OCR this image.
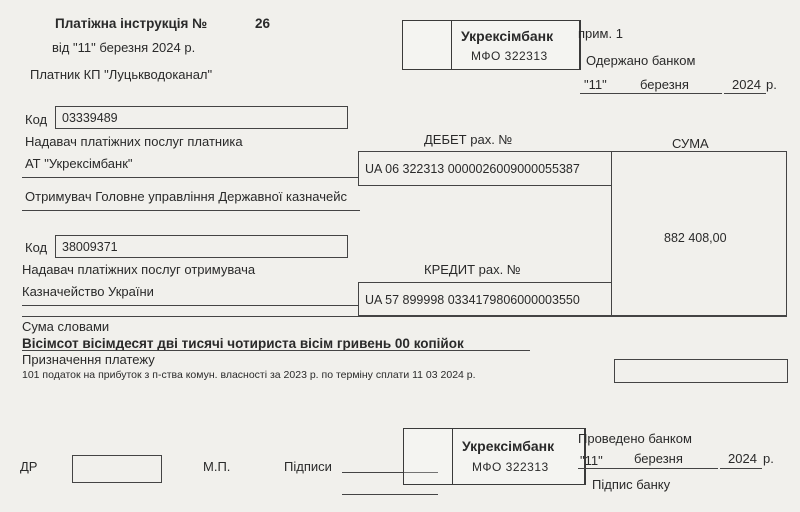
Платіжна інструкція №	26
від "11" березня 2024 р.
Платник КП "Луцькводоканал"
Укрексімбанк
МФО 322313
прим. 1
Одержано банком
"11"	березня	2024 р.
Код 03339489
Надавач платіжних послуг платника
АТ "Укрексімбанк"
ДЕБЕТ рах. №
UA 06 322313 0000026009000055387
СУМА
882 408,00
Отримувач Головне управління Державної казначейс
Код 38009371
Надавач платіжних послуг отримувача
Казначейство України
КРЕДИТ рах. №
UA 57 899998 0334179806000003550
Сума словами
Вісімсот вісімдесят дві тисячі чотириста вісім гривень 00 копійок
Призначення платежу
101 податок на прибуток з п-ства комун. власності за 2023 р. по терміну сплати 11 03 2024 р.
ДР	М.П.	Підписи
Укрексімбанк
МФО 322313
Проведено банком
"11" березня	2024 р.
Підпис банку
